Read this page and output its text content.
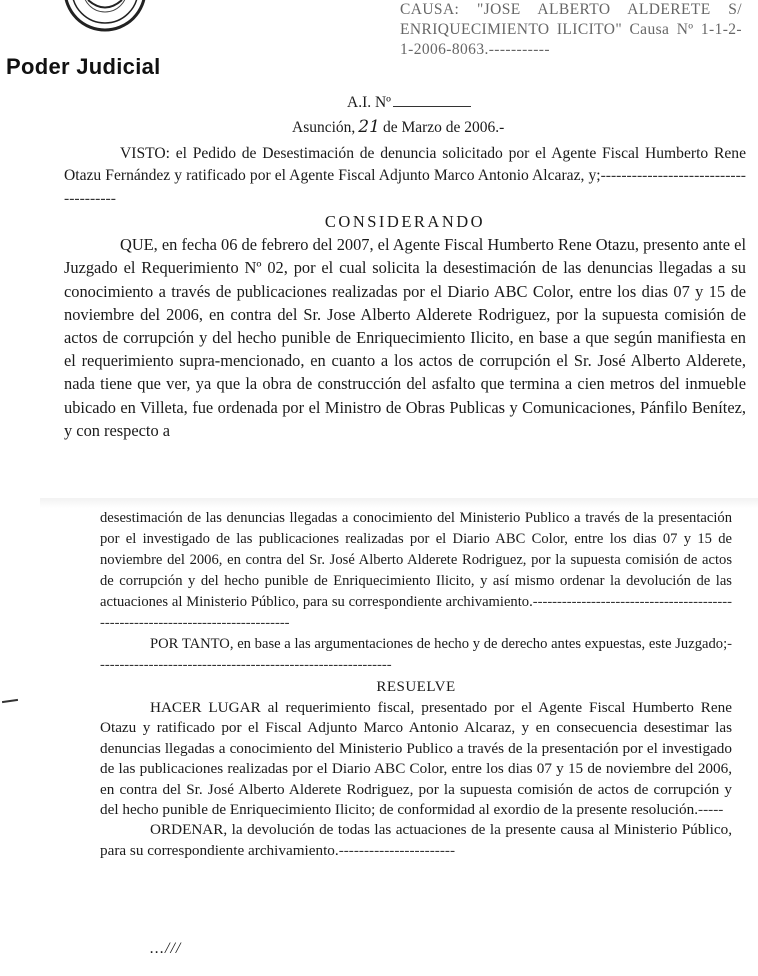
Poder Judicial
CAUSA: "JOSE ALBERTO ALDERETE S/ ENRIQUECIMIENTO ILICITO" Causa Nº 1-1-2-1-2006-8063.-----------
A.I. Nº
Asunción, 21 de Marzo de 2006.-

VISTO: el Pedido de Desestimación de denuncia solicitado por el Agente Fiscal Humberto Rene Otazu Fernández y ratificado por el Agente Fiscal Adjunto Marco Antonio Alcaraz, y;--------------------------------------

CONSIDERANDO

QUE, en fecha 06 de febrero del 2007, el Agente Fiscal Humberto Rene Otazu, presento ante el Juzgado el Requerimiento Nº 02, por el cual solicita la desestimación de las denuncias llegadas a su conocimiento a través de publicaciones realizadas por el Diario ABC Color, entre los dias 07 y 15 de noviembre del 2006, en contra del Sr. Jose Alberto Alderete Rodriguez, por la supuesta comisión de actos de corrupción y del hecho punible de Enriquecimiento Ilicito, en base a que según manifiesta en el requerimiento supra-mencionado, en cuanto a los actos de corrupción el Sr. José Alberto Alderete, nada tiene que ver, ya que la obra de construcción del asfalto que termina a cien metros del inmueble ubicado en Villeta, fue ordenada por el Ministro de Obras Publicas y Comunicaciones, Pánfilo Benítez, y con respecto a

desestimación de las denuncias llegadas a conocimiento del Ministerio Publico a través de la presentación por el investigado de las publicaciones realizadas por el Diario ABC Color, entre los dias 07 y 15 de noviembre del 2006, en contra del Sr. José Alberto Alderete Rodriguez, por la supuesta comisión de actos de corrupción y del hecho punible de Enriquecimiento Ilicito, y así mismo ordenar la devolución de las actuaciones al Ministerio Público, para su correspondiente archivamiento.--------------------------------------------------------------------------------

POR TANTO, en base a las argumentaciones de hecho y de derecho antes expuestas, este Juzgado;-------------------------------------------------------------

RESUELVE

HACER LUGAR al requerimiento fiscal, presentado por el Agente Fiscal Humberto Rene Otazu y ratificado por el Fiscal Adjunto Marco Antonio Alcaraz, y en consecuencia desestimar las denuncias llegadas a conocimiento del Ministerio Publico a través de la presentación por el investigado de las publicaciones realizadas por el Diario ABC Color, entre los dias 07 y 15 de noviembre del 2006, en contra del Sr. José Alberto Alderete Rodriguez, por la supuesta comisión de actos de corrupción y del hecho punible de Enriquecimiento Ilicito; de conformidad al exordio de la presente resolución.-----

ORDENAR, la devolución de todas las actuaciones de la presente causa al Ministerio Público, para su correspondiente archivamiento.-----------------------

...///
